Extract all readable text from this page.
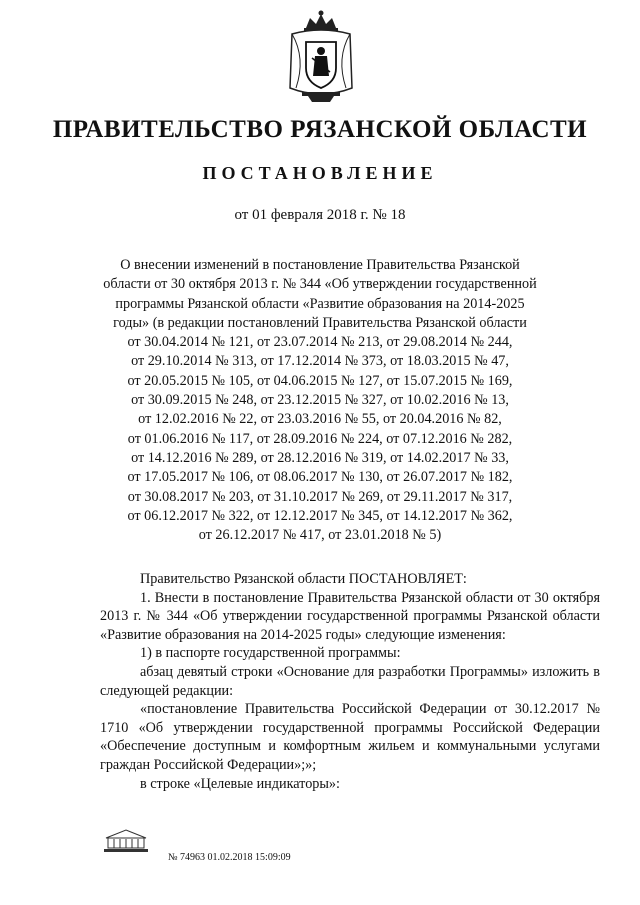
ПРАВИТЕЛЬСТВО РЯЗАНСКОЙ ОБЛАСТИ
ПОСТАНОВЛЕНИЕ
от 01 февраля 2018 г. № 18
О внесении изменений в постановление Правительства Рязанской
области от 30 октября 2013 г. № 344 «Об утверждении государственной
программы Рязанской области «Развитие образования на 2014-2025
годы» (в редакции постановлений Правительства Рязанской области
от 30.04.2014 № 121, от 23.07.2014 № 213, от 29.08.2014 № 244,
от 29.10.2014 № 313, от 17.12.2014 № 373, от 18.03.2015 № 47,
от 20.05.2015 № 105, от 04.06.2015 № 127, от 15.07.2015 № 169,
от 30.09.2015 № 248, от 23.12.2015 № 327, от 10.02.2016 № 13,
от 12.02.2016 № 22, от 23.03.2016 № 55, от 20.04.2016 № 82,
от 01.06.2016 № 117, от 28.09.2016 № 224, от 07.12.2016 № 282,
от 14.12.2016 № 289, от 28.12.2016 № 319, от 14.02.2017 № 33,
от 17.05.2017 № 106, от 08.06.2017 № 130, от 26.07.2017 № 182,
от 30.08.2017 № 203, от 31.10.2017 № 269, от 29.11.2017 № 317,
от 06.12.2017 № 322, от 12.12.2017 № 345, от 14.12.2017 № 362,
от 26.12.2017 № 417, от 23.01.2018 № 5)
Правительство Рязанской области ПОСТАНОВЛЯЕТ:
1. Внести в постановление Правительства Рязанской области от 30 октября 2013 г. № 344 «Об утверждении государственной программы Рязанской области «Развитие образования на 2014-2025 годы» следующие изменения:
1) в паспорте государственной программы:
абзац девятый строки «Основание для разработки Программы» изложить в следующей редакции:
«постановление Правительства Российской Федерации от 30.12.2017 № 1710 «Об утверждении государственной программы Российской Федерации «Обеспечение доступным и комфортным жильем и коммунальными услугами граждан Российской Федерации»;»;
в строке «Целевые индикаторы»:
№ 74963 01.02.2018 15:09:09
